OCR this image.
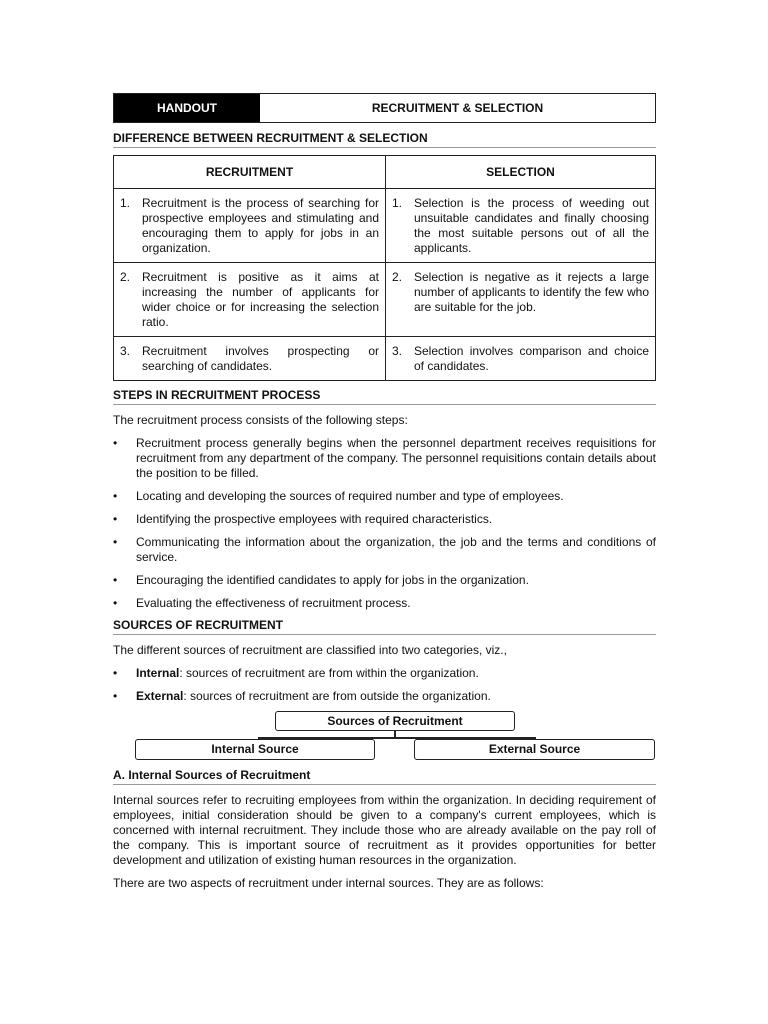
HANDOUT	RECRUITMENT & SELECTION
DIFFERENCE BETWEEN RECRUITMENT & SELECTION
RECRUITMENT	SELECTION

1. Recruitment is the process of searching for prospective employees and stimulating and encouraging them to apply for jobs in an organization.	1. Selection is the process of weeding out unsuitable candidates and finally choosing the most suitable persons out of all the applicants.

2. Recruitment is positive as it aims at increasing the number of applicants for wider choice or for increasing the selection ratio.	2. Selection is negative as it rejects a large number of applicants to identify the few who are suitable for the job.

3. Recruitment involves prospecting or searching of candidates.	3. Selection involves comparison and choice of candidates.
STEPS IN RECRUITMENT PROCESS

The recruitment process consists of the following steps:

•	Recruitment process generally begins when the personnel department receives requisitions for recruitment from any department of the company. The personnel requisitions contain details about the position to be filled.
•	Locating and developing the sources of required number and type of employees.
•	Identifying the prospective employees with required characteristics.
•	Communicating the information about the organization, the job and the terms and conditions of service.
•	Encouraging the identified candidates to apply for jobs in the organization.
•	Evaluating the effectiveness of recruitment process.
SOURCES OF RECRUITMENT

The different sources of recruitment are classified into two categories, viz.,

•	Internal: sources of recruitment are from within the organization.
•	External: sources of recruitment are from outside the organization.
Sources of Recruitment
Internal Source	External Source
A. Internal Sources of Recruitment

Internal sources refer to recruiting employees from within the organization. In deciding requirement of employees, initial consideration should be given to a company's current employees, which is concerned with internal recruitment. They include those who are already available on the pay roll of the company. This is important source of recruitment as it provides opportunities for better development and utilization of existing human resources in the organization.

There are two aspects of recruitment under internal sources. They are as follows:
